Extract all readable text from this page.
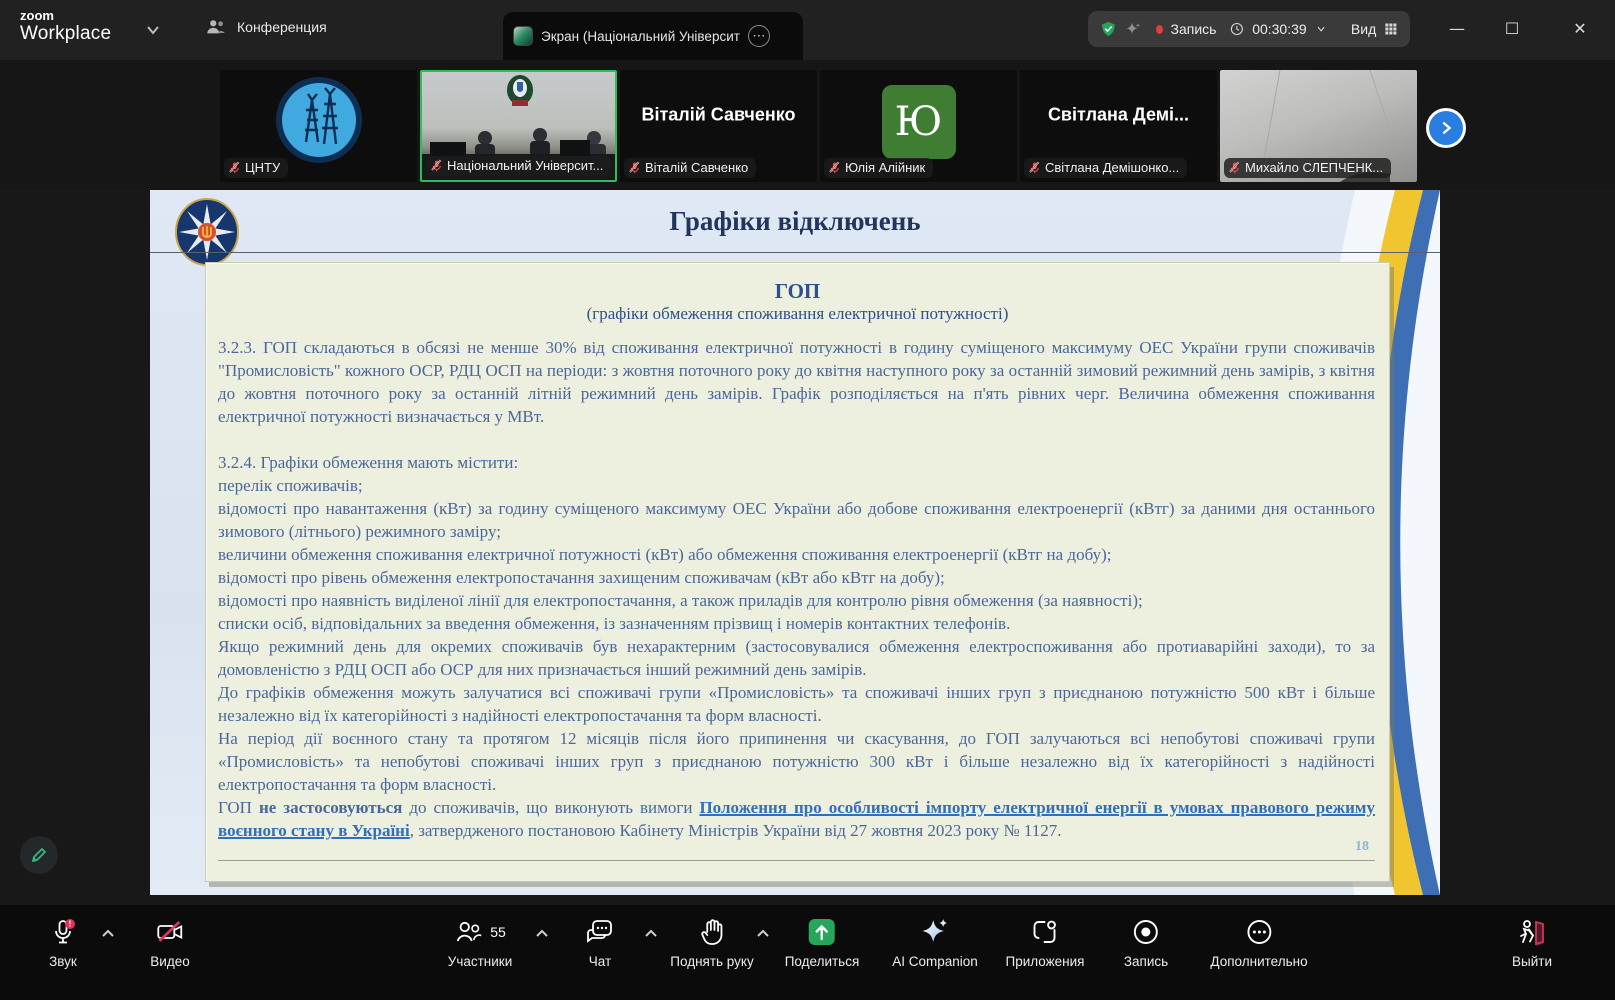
zoom
Workplace	Конференция
Экран (Національний Університ ⋯	Запись	00:30:39	Вид	—	☐	✕
ЦНТУ	Національний Університ...
Віталій Савченко
Віталій Савченко
Ю
Юлія Алійник
Світлана Демі...
Світлана Демішонко...	Михайло СЛЕПЧЕНК...
Графіки відключень
ГОП
(графіки обмеження споживання електричної потужності)

3.2.3. ГОП складаються в обсязі не менше 30% від споживання електричної потужності в годину суміщеного максимуму ОЕС України групи споживачів "Промисловість" кожного ОСР, РДЦ ОСП на періоди: з жовтня поточного року до квітня наступного року за останній зимовий режимний день замірів, з квітня до жовтня поточного року за останній літній режимний день замірів. Графік розподіляється на п'ять рівних черг. Величина обмеження споживання електричної потужності визначається у МВт.

3.2.4. Графіки обмеження мають містити:

перелік споживачів;

відомості про навантаження (кВт) за годину суміщеного максимуму ОЕС України або добове споживання електроенергії (кВтг) за даними дня останнього зимового (літнього) режимного заміру;

величини обмеження споживання електричної потужності (кВт) або обмеження споживання електроенергії (кВтг на добу);

відомості про рівень обмеження електропостачання захищеним споживачам (кВт або кВтг на добу);

відомості про наявність виділеної лінії для електропостачання, а також приладів для контролю рівня обмеження (за наявності);

списки осіб, відповідальних за введення обмеження, із зазначенням прізвищ і номерів контактних телефонів.

Якщо режимний день для окремих споживачів був нехарактерним (застосовувалися обмеження електроспоживання або протиаварійні заходи), то за домовленістю з РДЦ ОСП або ОСР для них призначається інший режимний день замірів.

До графіків обмеження можуть залучатися всі споживачі групи «Промисловість» та споживачі інших груп з приєднаною потужністю 500 кВт і більше незалежно від їх категорійності з надійності електропостачання та форм власності.

На період дії воєнного стану та протягом 12 місяців після його припинення чи скасування, до ГОП залучаються всі непобутові споживачі групи «Промисловість» та непобутові споживачі інших груп з приєднаною потужністю 300 кВт і більше незалежно від їх категорійності з надійності електропостачання та форм власності.

ГОП не застосовуються до споживачів, що виконують вимоги Положення про особливості імпорту електричної енергії в умовах правового режиму воєнного стану в Україні, затвердженого постановою Кабінету Міністрів України від 27 жовтня 2023 року № 1127.

18
!
Звук	Видео
55
Участники	Чат	Поднять руку Поделиться AI Companion Приложения	Запись	Дополнительно	Выйти
